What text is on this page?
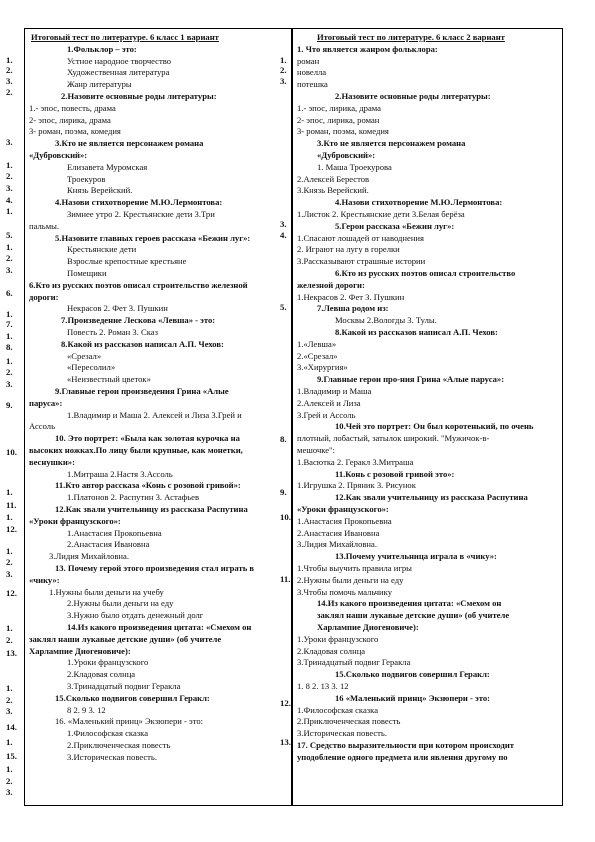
Итоговый тест по литературе. 6 класс 1 вариант
1.Фольклор – это:
Устное народное творчество
Художественная литература
Жанр литературы
2.Назовите основные роды литературы:
1.- эпос, повесть, драма
2- эпос, лирика, драма
3- роман, поэма, комедия
3.Кто не является персонажем романа
«Дубровский»:
Елизавета Муромская
Троекуров
Князь Верейский.
4.Назови стихотворение М.Ю.Лермонтова:
Зимнее утро 2. Крестьянские дети 3.Три
пальмы.
5.Назовите главных героев рассказа «Бежин луг»:
Крестьянские дети
Взрослые крепостные крестьяне
Помещики
6.Кто из русских поэтов описал строительство железной
дороги:
Некрасов 2. Фет 3. Пушкин
7.Произведение Лескова «Левша» - это:
Повесть 2. Роман 3. Сказ
8.Какой из рассказов написал А.П. Чехов:
«Срезал»
«Пересолил»
«Неизвестный цветок»
9.Главные герои произведения Грина «Алые
паруса»:
1.Владимир и Маша 2. Алексей и Лиза 3.Грей и
Ассоль
10. Это портрет: «Была как золотая курочка на
высоких ножках.По лицу были крупные, как монетки,
веснушки»:
1.Митраша 2.Настя 3.Ассоль
11.Кто автор рассказа «Конь с розовой гривой»:
1.Платонов 2. Распутин 3. Астафьев
12.Как звали учительницу из рассказа Распутина
«Уроки французского»:
1.Анастасия Прокопьевна
2.Анастасия Ивановна
3.Лидия Михайловна.
13. Почему герой этого произведения стал играть в
«чику»:
1.Нужны были деньги на учебу
2.Нужны были деньги на еду
3.Нужно было отдать денежный долг
14.Из какого произведения цитата: «Смехом он
заклял наши лукавые детские души» (об учителе
Харлампие Диогеновиче):
1.Уроки французского
2.Кладовая солнца
3.Тринадцатый подвиг Геракла
15.Сколько подвигов совершил Геракл:
8 2. 9 3. 12
16. «Маленький принц» Экзюпери - это:
1.Философская сказка
2.Приключенческая повесть
3.Историческая повесть.
Итоговый тест по литературе. 6 класс 2 вариант
1. Что является жанром фольклора:
роман
новелла
потешка
2.Назовите основные роды литературы:
1.- эпос, лирика, драма
2- эпос, лирика, роман
3- роман, поэма, комедия
3.Кто не является персонажем романа
«Дубровский»:
1. Маша Троекурова
2.Алексей Берестов
3.Князь Верейский.
4.Назови стихотворение М.Ю.Лермонтова:
1.Листок 2. Крестьянские дети 3.Белая берёза
5.Герои рассказа «Бежин луг»:
1.Спасают лошадей от наводнения
2. Играют на лугу в горелки
3.Рассказывают страшные истории
6.Кто из русских поэтов описал строительство
железной дороги:
1.Некрасов 2. Фет 3. Пушкин
7.Левша родом из:
Москвы 2.Вологды 3. Тулы.
8.Какой из рассказов написал А.П. Чехов:
1.«Левша»
2.«Срезал»
3.«Хирургия»
9.Главные герои про-ния Грина «Алые паруса»:
1.Владимир и Маша
2.Алексей и Лиза
3.Грей и Ассоль
10.Чей это портрет: Он был коротенький, по очень
плотный, лобастый, затылок широкий. "Мужичок-в-
мешочке":
1.Васютка 2. Геракл 3.Митраша
11.Конь с розовой гривой это»:
1.Игрушка 2. Пряник 3. Рисунок
12.Как звали учительницу из рассказа Распутина
«Уроки французского»:
1.Анастасия Прокопьевна
2.Анастасия Ивановна
3.Лидия Михайловна.
13.Почему учительница играла в «чику»:
1.Чтобы выучить правила игры
2.Нужны были деньги на еду
3.Чтобы помочь мальчику
14.Из какого произведения цитата: «Смехом он
заклял наши лукавые детские души» (об учителе
Харлампие Диогеновиче):
1.Уроки французского
2.Кладовая солнца
3.Тринадцатый подвиг Геракла
15.Сколько подвигов совершил Геракл:
1. 8 2. 13 3. 12
16 «Маленький принц» Экзюпери - это:
1.Философская сказка
2.Приключенческая повесть
3.Историческая повесть.
17. Средство выразительности при котором происходит
уподобление одного предмета или явления другому по
1.
2.
3.
2.
3.
1.
2.
3.
4.
1.
5.
1.
2.
3.
6.
1.
7.
1.
8.
1.
2.
3.
9.
10.
1.
11.
1.
12.
1.
2.
3.
12.
1.
2.
13.
1.
2.
3.
14.
1.
15.
1.
2.
3.
1.
2.
3.
3.
4.
5.
8.
9.
10.
11.
12.
13.
